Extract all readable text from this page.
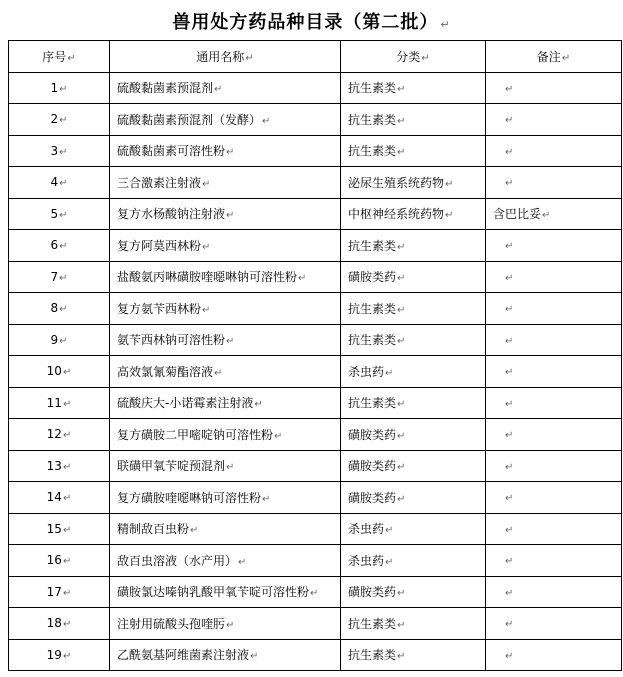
兽用处方药品种目录（第二批） ↵
序号↵	通用名称↵	分类↵	备注↵
1↵	硫酸黏菌素预混剂↵	抗生素类↵	↵
2↵	硫酸黏菌素预混剂（发酵）↵	抗生素类↵	↵
3↵	硫酸黏菌素可溶性粉↵	抗生素类↵	↵
4↵	三合激素注射液↵	泌尿生殖系统药物↵	↵
5↵	复方水杨酸钠注射液↵	中枢神经系统药物↵	含巴比妥↵
6↵	复方阿莫西林粉↵	抗生素类↵	↵
7↵	盐酸氨丙啉磺胺喹噁啉钠可溶性粉↵	磺胺类药↵	↵
8↵	复方氨苄西林粉↵	抗生素类↵	↵
9↵	氨苄西林钠可溶性粉↵	抗生素类↵	↵
10↵	高效氯氰菊酯溶液↵	杀虫药↵	↵
11↵	硫酸庆大-小诺霉素注射液↵	抗生素类↵	↵
12↵	复方磺胺二甲嘧啶钠可溶性粉↵	磺胺类药↵	↵
13↵	联磺甲氧苄啶预混剂↵	磺胺类药↵	↵
14↵	复方磺胺喹噁啉钠可溶性粉↵	磺胺类药↵	↵
15↵	精制敌百虫粉↵	杀虫药↵	↵
16↵	敌百虫溶液（水产用）↵	杀虫药↵	↵
17↵	磺胺氯达嗪钠乳酸甲氧苄啶可溶性粉↵	磺胺类药↵	↵
18↵	注射用硫酸头孢喹肟↵	抗生素类↵	↵
19↵	乙酰氨基阿维菌素注射液↵	抗生素类↵	↵
